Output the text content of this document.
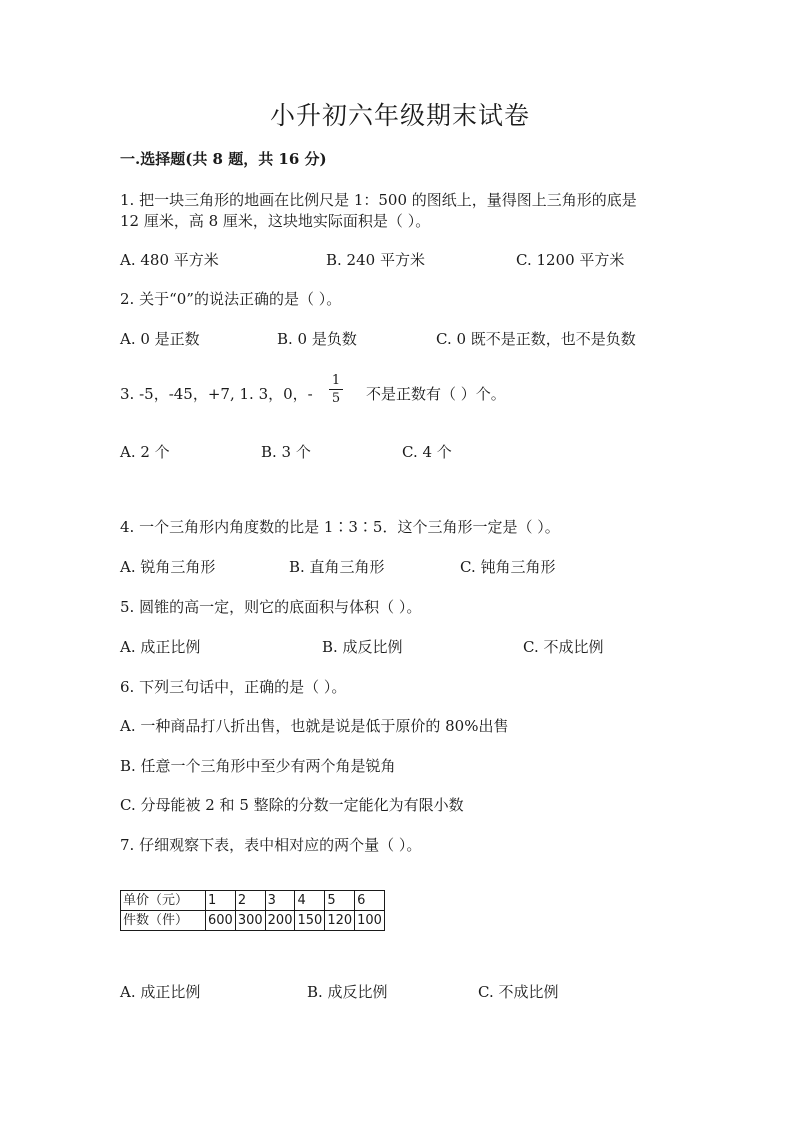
小升初六年级期末试卷
一.选择题(共 8 题，共 16 分)
1. 把一块三角形的地画在比例尺是 1：500 的图纸上，量得图上三角形的底是
12 厘米，高 8 厘米，这块地实际面积是（ ）。
A. 480 平方米	B. 240 平方米	C. 1200 平方米
2. 关于“0”的说法正确的是（ ）。
A. 0 是正数	B. 0 是负数	C. 0 既不是正数，也不是负数
3. -5，-45，+7, 1. 3，0，-
1
5 不是正数有（ ）个。
A. 2 个	B. 3 个	C. 4 个
4. 一个三角形内角度数的比是 1∶3∶5．这个三角形一定是（ ）。
A. 锐角三角形	B. 直角三角形	C. 钝角三角形
5. 圆锥的高一定，则它的底面积与体积（ ）。
A. 成正比例	B. 成反比例	C. 不成比例
6. 下列三句话中，正确的是（ ）。
A. 一种商品打八折出售，也就是说是低于原价的 80%出售
B. 任意一个三角形中至少有两个角是锐角
C. 分母能被 2 和 5 整除的分数一定能化为有限小数
7. 仔细观察下表，表中相对应的两个量（ ）。
单价（元）	1	2	3	4	5	6
件数（件）	600	300	200	150	120	100
A. 成正比例	B. 成反比例	C. 不成比例
